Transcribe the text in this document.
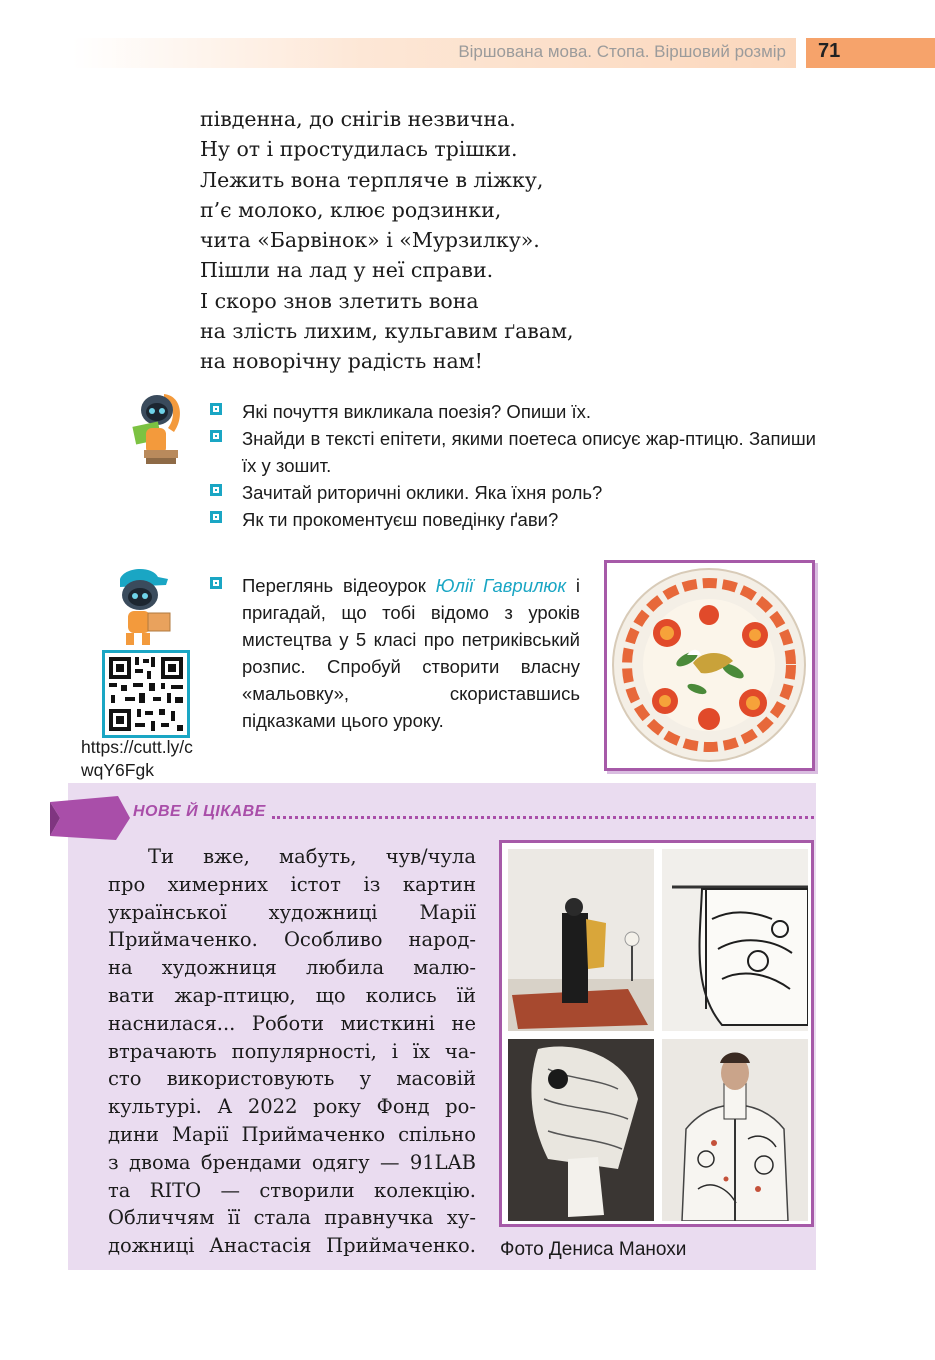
Віршована мова. Стопа. Віршовий розмір 71
південна, до снігів незвична.
Ну от і простудилась трішки.
Лежить вона терпляче в ліжку,
п’є молоко, клює родзинки,
чита «Барвінок» і «Мурзилку».
Пішли на лад у неї справи.
І скоро знов злетить вона
на злість лихим, кульгавим ґавам,
на новорічну радість нам!
Які почуття викликала поезія? Опиши їх.
Знайди в тексті епітети, якими поетеса описує жар-птицю. Запиши їх у зошит.
Зачитай риторичні оклики. Яка їхня роль?
Як ти прокоментуєш поведінку ґави?
https://cutt.ly/cwqY6Fgk
Переглянь відеоурок Юлії Гаврилюк і пригадай, що тобі відомо з уроків мистецтва у 5 класі про петриківський розпис. Спробуй створити власну «мальовку», скориставшись підказками цього уроку.
НОВЕ Й ЦІКАВЕ
Ти вже, мабуть, чув/чула
про химерних істот із картин
української художниці Марії
Приймаченко. Особливо народ-
на художниця любила малю-
вати жар-птицю, що колись їй
наснилася... Роботи мисткині не
втрачають популярності, і їх ча-
сто використовують у масовій
культурі. А 2022 року Фонд ро-
дини Марії Приймаченко спільно
з двома брендами одягу — 91LAB
та RITO — створили колекцію.
Обличчям її стала правнучка ху-
дожниці Анастасія Приймаченко. Фото Дениса Манохи
